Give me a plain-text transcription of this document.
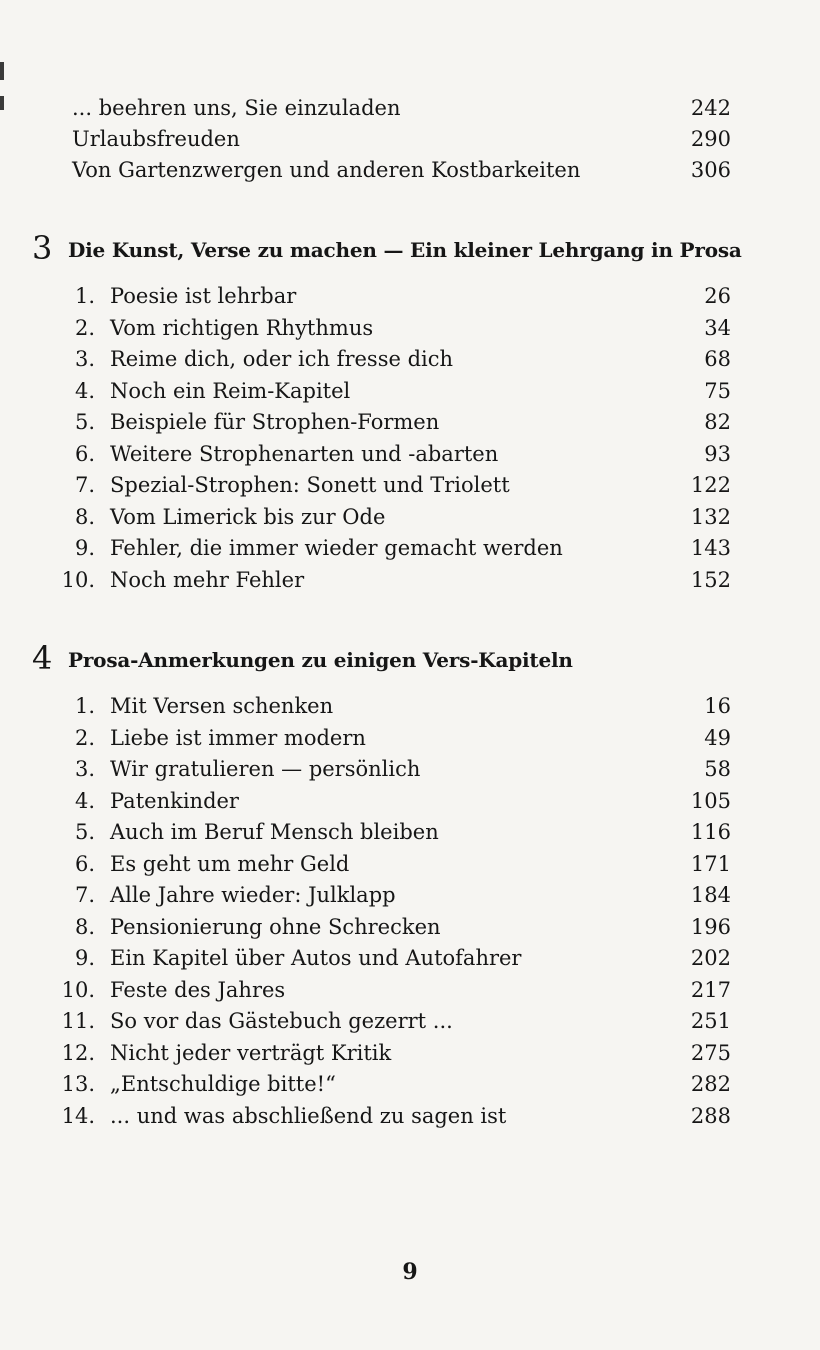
... beehren uns, Sie einzuladen	242
Urlaubsfreuden	290
Von Gartenzwergen und anderen Kostbarkeiten	306
3 Die Kunst, Verse zu machen — Ein kleiner Lehrgang in Prosa
1. Poesie ist lehrbar	26
2. Vom richtigen Rhythmus	34
3. Reime dich, oder ich fresse dich	68
4. Noch ein Reim-Kapitel	75
5. Beispiele für Strophen-Formen	82
6. Weitere Strophenarten und -abarten	93
7. Spezial-Strophen: Sonett und Triolett	122
8. Vom Limerick bis zur Ode	132
9. Fehler, die immer wieder gemacht werden	143
10. Noch mehr Fehler	152
4 Prosa-Anmerkungen zu einigen Vers-Kapiteln
1. Mit Versen schenken	16
2. Liebe ist immer modern	49
3. Wir gratulieren — persönlich	58
4. Patenkinder	105
5. Auch im Beruf Mensch bleiben	116
6. Es geht um mehr Geld	171
7. Alle Jahre wieder: Julklapp	184
8. Pensionierung ohne Schrecken	196
9. Ein Kapitel über Autos und Autofahrer	202
10. Feste des Jahres	217
11. So vor das Gästebuch gezerrt ...	251
12. Nicht jeder verträgt Kritik	275
13. „Entschuldige bitte!“	282
14. ... und was abschließend zu sagen ist	288
9
